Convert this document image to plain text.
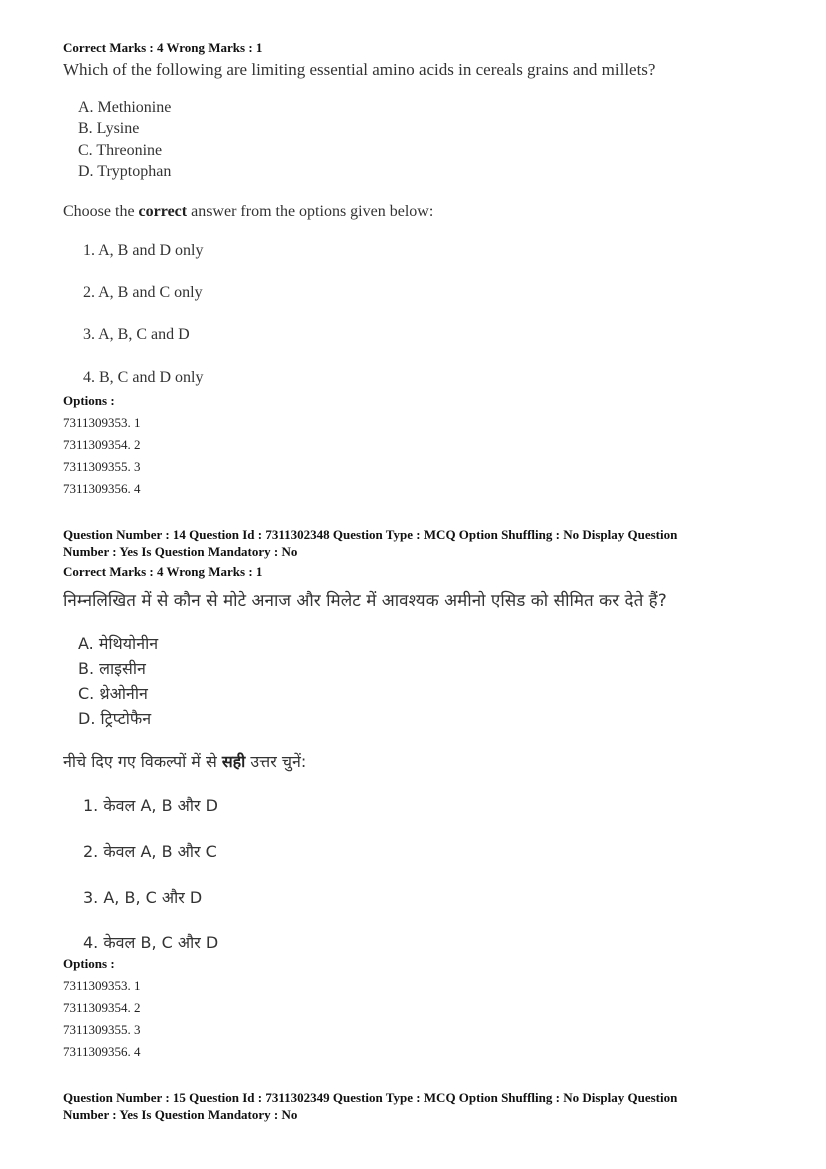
Correct Marks : 4 Wrong Marks : 1
Which of the following are limiting essential amino acids in cereals grains and millets?
A. Methionine
B. Lysine
C. Threonine
D. Tryptophan
Choose the correct answer from the options given below:
1. A, B and D only
2. A, B and C only
3. A, B, C and D
4. B, C and D only
Options :
7311309353. 1
7311309354. 2
7311309355. 3
7311309356. 4
Question Number : 14 Question Id : 7311302348 Question Type : MCQ Option Shuffling : No Display Question
Number : Yes Is Question Mandatory : No
Correct Marks : 4 Wrong Marks : 1
निम्नलिखित में से कौन से मोटे अनाज और मिलेट में आवश्यक अमीनो एसिड को सीमित कर देते हैं?
A. मेथियोनीन
B. लाइसीन
C. थ्रेओनीन
D. ट्रिप्टोफैन
नीचे दिए गए विकल्पों में से सही उत्तर चुनें:
1. केवल A, B और D
2. केवल A, B और C
3. A, B, C और D
4. केवल B, C और D
Options :
7311309353. 1
7311309354. 2
7311309355. 3
7311309356. 4
Question Number : 15 Question Id : 7311302349 Question Type : MCQ Option Shuffling : No Display Question
Number : Yes Is Question Mandatory : No
